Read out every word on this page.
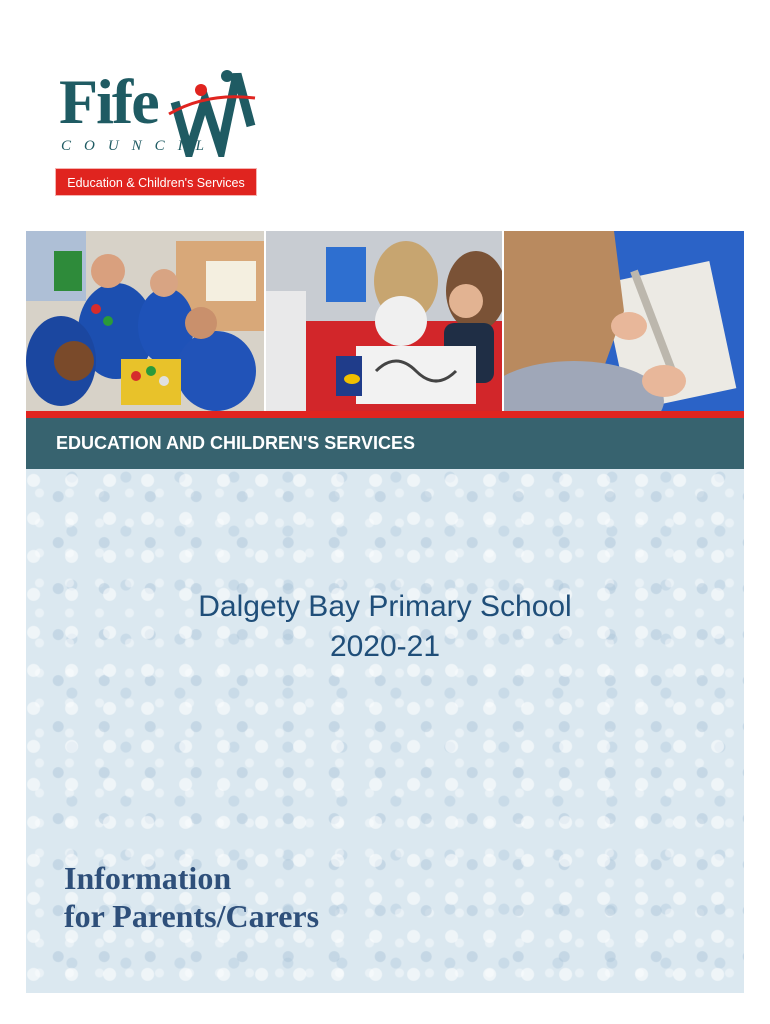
Fife
COUNCIL
Education & Children's Services
EDUCATION AND CHILDREN'S SERVICES
Dalgety Bay Primary School
2020-21
Information
for Parents/Carers
